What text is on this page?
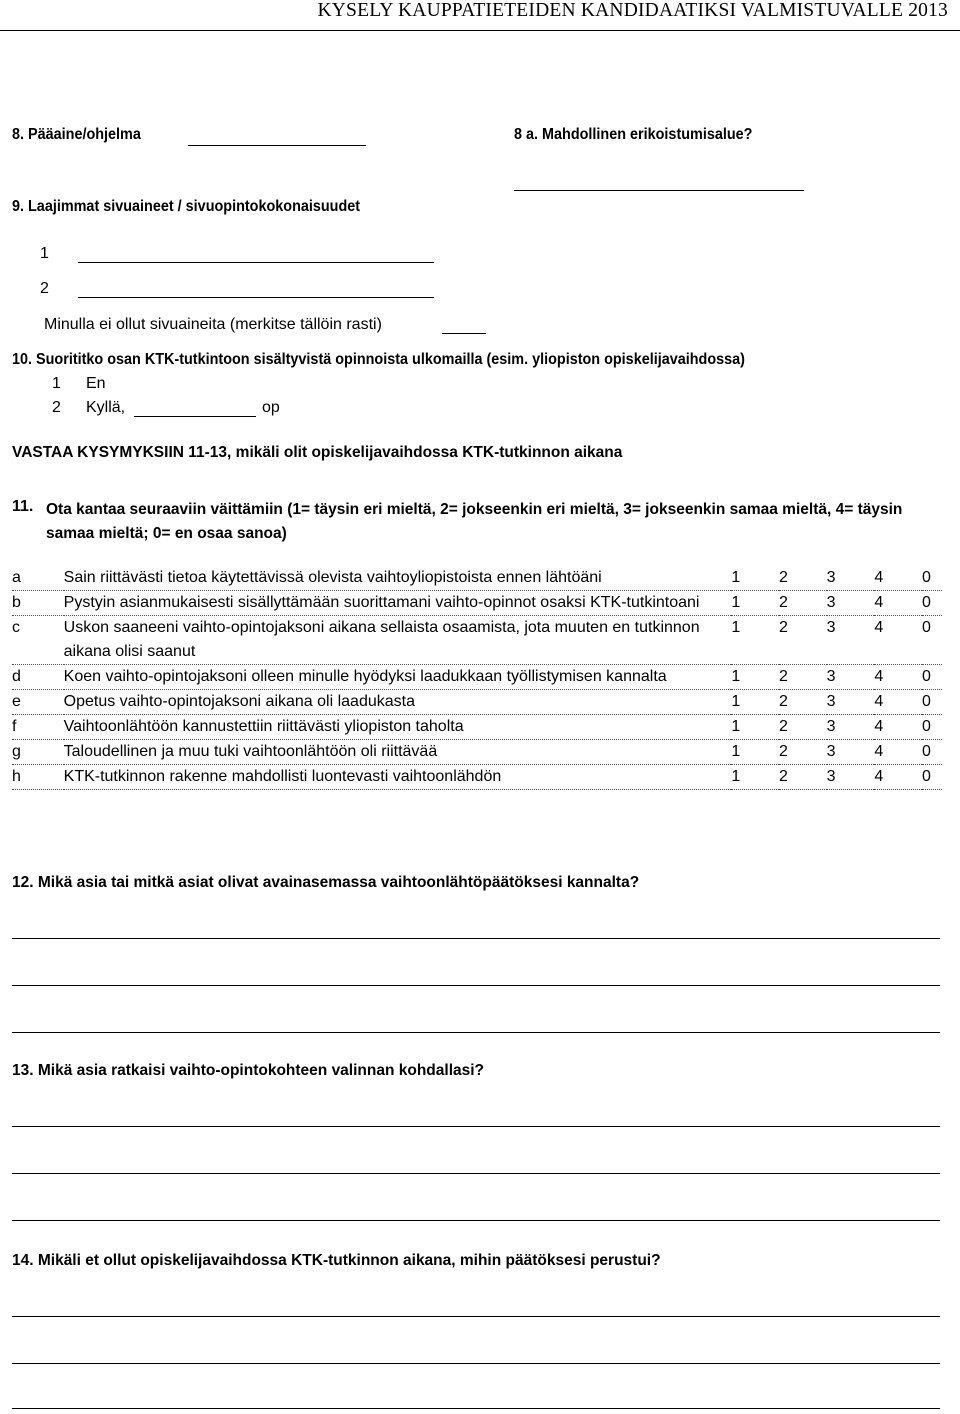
KYSELY KAUPPATIETEIDEN KANDIDAATIKSI VALMISTUVALLE 2013
8. Pääaine/ohjelma	8 a. Mahdollinen erikoistumisalue?
9. Laajimmat sivuaineet / sivuopintokokonaisuudet
1
2
Minulla ei ollut sivuaineita (merkitse tällöin rasti)
10. Suorititko osan KTK-tutkintoon sisältyvistä opinnoista ulkomailla (esim. yliopiston opiskelijavaihdossa)
1 En
2 Kyllä,	op
VASTAA KYSYMYKSIIN 11-13, mikäli olit opiskelijavaihdossa KTK-tutkinnon aikana
11. Ota kantaa seuraaviin väittämiin (1= täysin eri mieltä, 2= jokseenkin eri mieltä, 3= jokseenkin samaa mieltä, 4= täysin samaa mieltä; 0= en osaa sanoa)
a	Sain riittävästi tietoa käytettävissä olevista vaihtoyliopistoista ennen lähtöäni	1	2	3	4	0
b	Pystyin asianmukaisesti sisällyttämään suorittamani vaihto-opinnot osaksi KTK-tutkintoani	1	2	3	4	0
c	Uskon saaneeni vaihto-opintojaksoni aikana sellaista osaamista, jota muuten en tutkinnon aikana olisi saanut	1	2	3	4	0
d	Koen vaihto-opintojaksoni olleen minulle hyödyksi laadukkaan työllistymisen kannalta	1	2	3	4	0
e	Opetus vaihto-opintojaksoni aikana oli laadukasta	1	2	3	4	0
f	Vaihtoonlähtöön kannustettiin riittävästi yliopiston taholta	1	2	3	4	0
g	Taloudellinen ja muu tuki vaihtoonlähtöön oli riittävää	1	2	3	4	0
h	KTK-tutkinnon rakenne mahdollisti luontevasti vaihtoonlähdön	1	2	3	4	0
12. Mikä asia tai mitkä asiat olivat avainasemassa vaihtoonlähtöpäätöksesi kannalta?
13. Mikä asia ratkaisi vaihto-opintokohteen valinnan kohdallasi?
14. Mikäli et ollut opiskelijavaihdossa KTK-tutkinnon aikana, mihin päätöksesi perustui?
